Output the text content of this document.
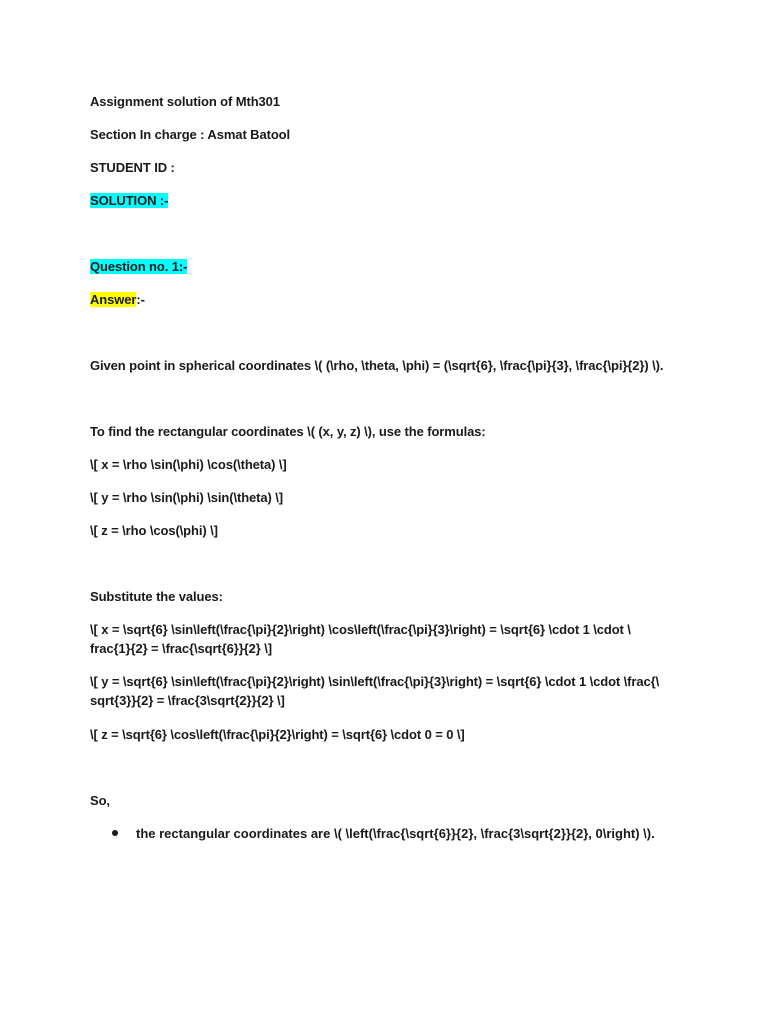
Assignment solution of Mth301
Section In charge : Asmat Batool
STUDENT ID :
SOLUTION :-
Question no. 1:-
Answer:-
Given point in spherical coordinates \( (\rho, \theta, \phi) = (\sqrt{6}, \frac{\pi}{3}, \frac{\pi}{2}) \).
To find the rectangular coordinates \( (x, y, z) \), use the formulas:
\[ x = \rho \sin(\phi) \cos(\theta) \]
\[ y = \rho \sin(\phi) \sin(\theta) \]
\[ z = \rho \cos(\phi) \]
Substitute the values:
\[ x = \sqrt{6} \sin\left(\frac{\pi}{2}\right) \cos\left(\frac{\pi}{3}\right) = \sqrt{6} \cdot 1 \cdot \
frac{1}{2} = \frac{\sqrt{6}}{2} \]
\[ y = \sqrt{6} \sin\left(\frac{\pi}{2}\right) \sin\left(\frac{\pi}{3}\right) = \sqrt{6} \cdot 1 \cdot \frac{\
sqrt{3}}{2} = \frac{3\sqrt{2}}{2} \]
\[ z = \sqrt{6} \cos\left(\frac{\pi}{2}\right) = \sqrt{6} \cdot 0 = 0 \]
So,
the rectangular coordinates are \( \left(\frac{\sqrt{6}}{2}, \frac{3\sqrt{2}}{2}, 0\right) \).
